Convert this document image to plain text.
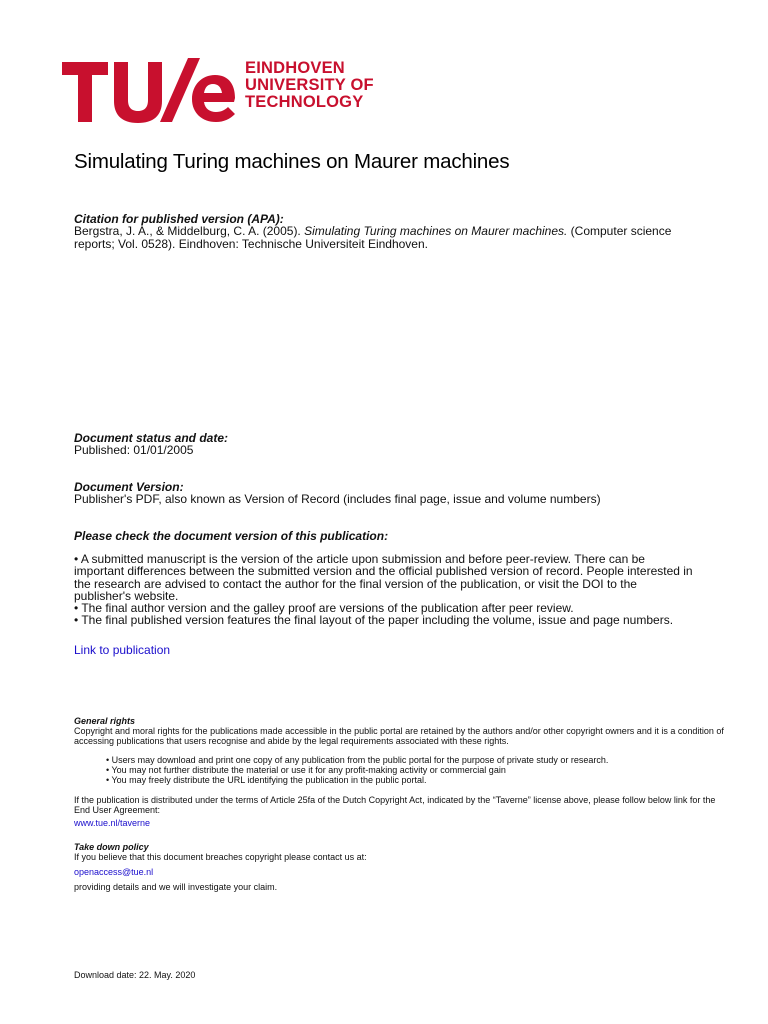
EINDHOVEN
UNIVERSITY OF
TECHNOLOGY
Simulating Turing machines on Maurer machines
Citation for published version (APA):
Bergstra, J. A., & Middelburg, C. A. (2005). Simulating Turing machines on Maurer machines. (Computer science reports; Vol. 0528). Eindhoven: Technische Universiteit Eindhoven.
Document status and date:
Published: 01/01/2005
Document Version:
Publisher's PDF, also known as Version of Record (includes final page, issue and volume numbers)
Please check the document version of this publication:

• A submitted manuscript is the version of the article upon submission and before peer-review. There can be important differences between the submitted version and the official published version of record. People interested in the research are advised to contact the author for the final version of the publication, or visit the DOI to the publisher's website.

• The final author version and the galley proof are versions of the publication after peer review.

• The final published version features the final layout of the paper including the volume, issue and page numbers.

Link to publication
General rights
Copyright and moral rights for the publications made accessible in the public portal are retained by the authors and/or other copyright owners and it is a condition of accessing publications that users recognise and abide by the legal requirements associated with these rights.
• Users may download and print one copy of any publication from the public portal for the purpose of private study or research.
• You may not further distribute the material or use it for any profit-making activity or commercial gain
• You may freely distribute the URL identifying the publication in the public portal.
If the publication is distributed under the terms of Article 25fa of the Dutch Copyright Act, indicated by the “Taverne” license above, please follow below link for the End User Agreement:
www.tue.nl/taverne
Take down policy
If you believe that this document breaches copyright please contact us at:
openaccess@tue.nl
providing details and we will investigate your claim.
Download date: 22. May. 2020
